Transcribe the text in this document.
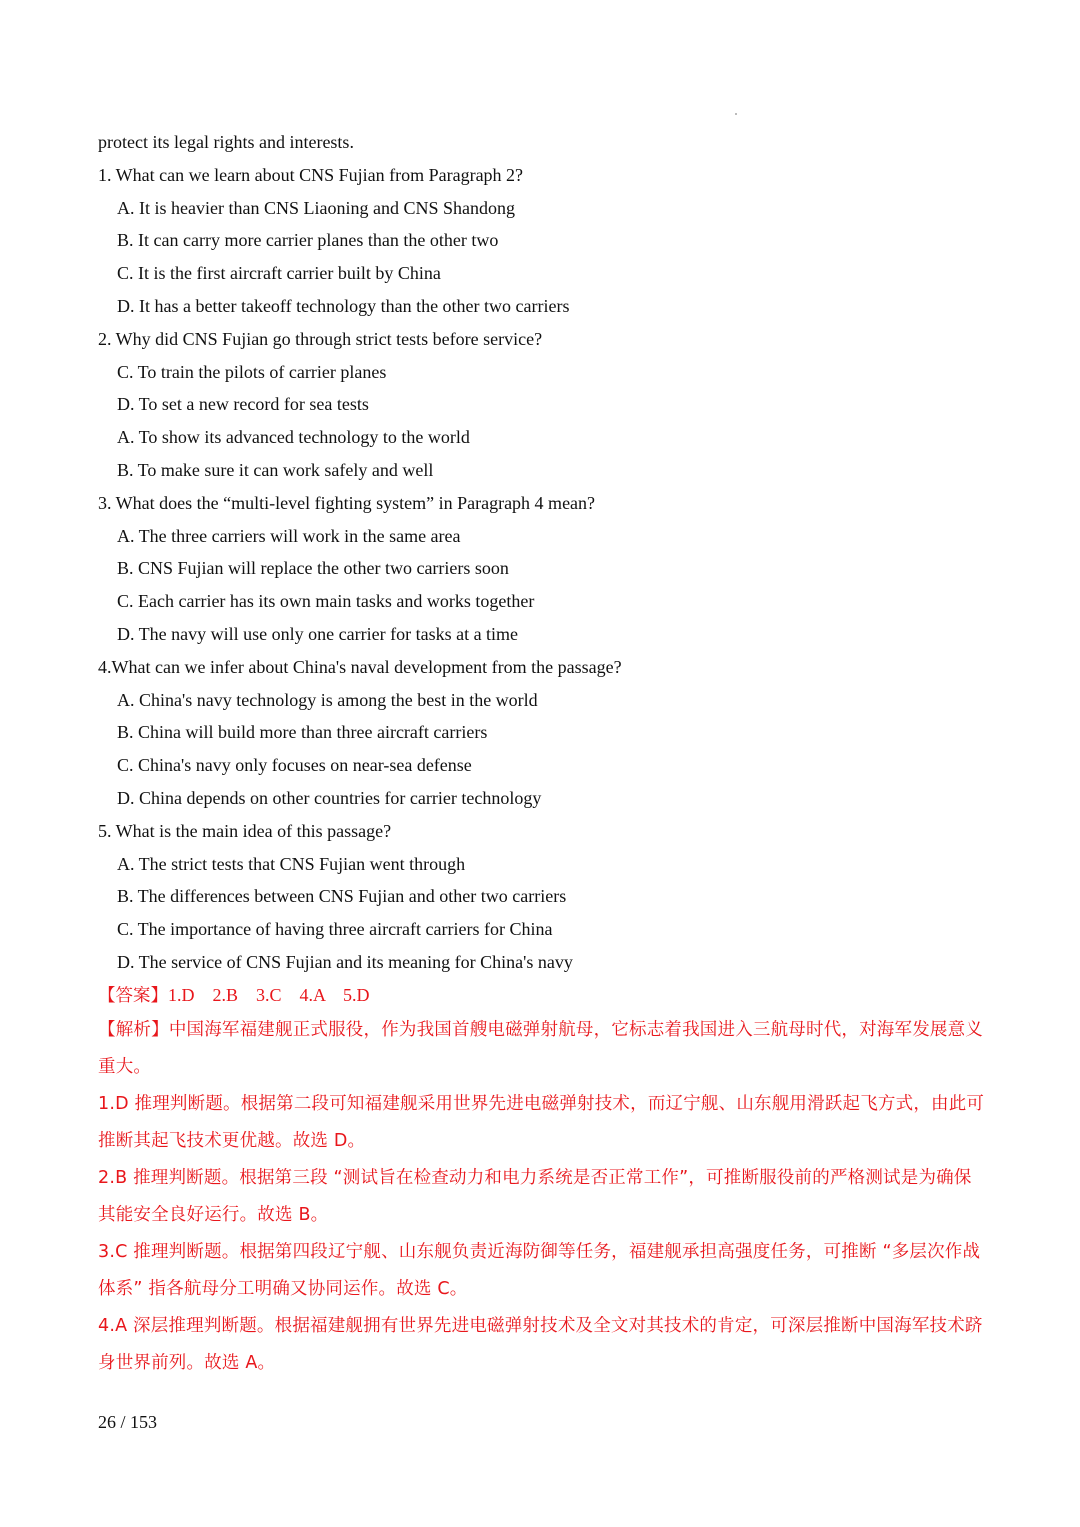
protect its legal rights and interests.
1. What can we learn about CNS Fujian from Paragraph 2?
A. It is heavier than CNS Liaoning and CNS Shandong
B. It can carry more carrier planes than the other two
C. It is the first aircraft carrier built by China
D. It has a better takeoff technology than the other two carriers
2. Why did CNS Fujian go through strict tests before service?
C. To train the pilots of carrier planes
D. To set a new record for sea tests
A. To show its advanced technology to the world
B. To make sure it can work safely and well
3. What does the “multi-level fighting system” in Paragraph 4 mean?
A. The three carriers will work in the same area
B. CNS Fujian will replace the other two carriers soon
C. Each carrier has its own main tasks and works together
D. The navy will use only one carrier for tasks at a time
4.What can we infer about China's naval development from the passage?
A. China's navy technology is among the best in the world
B. China will build more than three aircraft carriers
C. China's navy only focuses on near-sea defense
D. China depends on other countries for carrier technology
5. What is the main idea of this passage?
A. The strict tests that CNS Fujian went through
B. The differences between CNS Fujian and other two carriers
C. The importance of having three aircraft carriers for China
D. The service of CNS Fujian and its meaning for China's navy
【答案】1.D    2.B    3.C    4.A    5.D

【解析】中国海军福建舰正式服役，作为我国首艘电磁弹射航母，它标志着我国进入三航母时代，对海军发展意义重大。

1.D 推理判断题。根据第二段可知福建舰采用世界先进电磁弹射技术，而辽宁舰、山东舰用滑跃起飞方式，由此可推断其起飞技术更优越。故选 D。

2.B 推理判断题。根据第三段 “测试旨在检查动力和电力系统是否正常工作”，可推断服役前的严格测试是为确保其能安全良好运行。故选 B。

3.C 推理判断题。根据第四段辽宁舰、山东舰负责近海防御等任务，福建舰承担高强度任务，可推断 “多层次作战体系” 指各航母分工明确又协同运作。故选 C。

4.A 深层推理判断题。根据福建舰拥有世界先进电磁弹射技术及全文对其技术的肯定，可深层推断中国海军技术跻身世界前列。故选 A。

26 / 153
